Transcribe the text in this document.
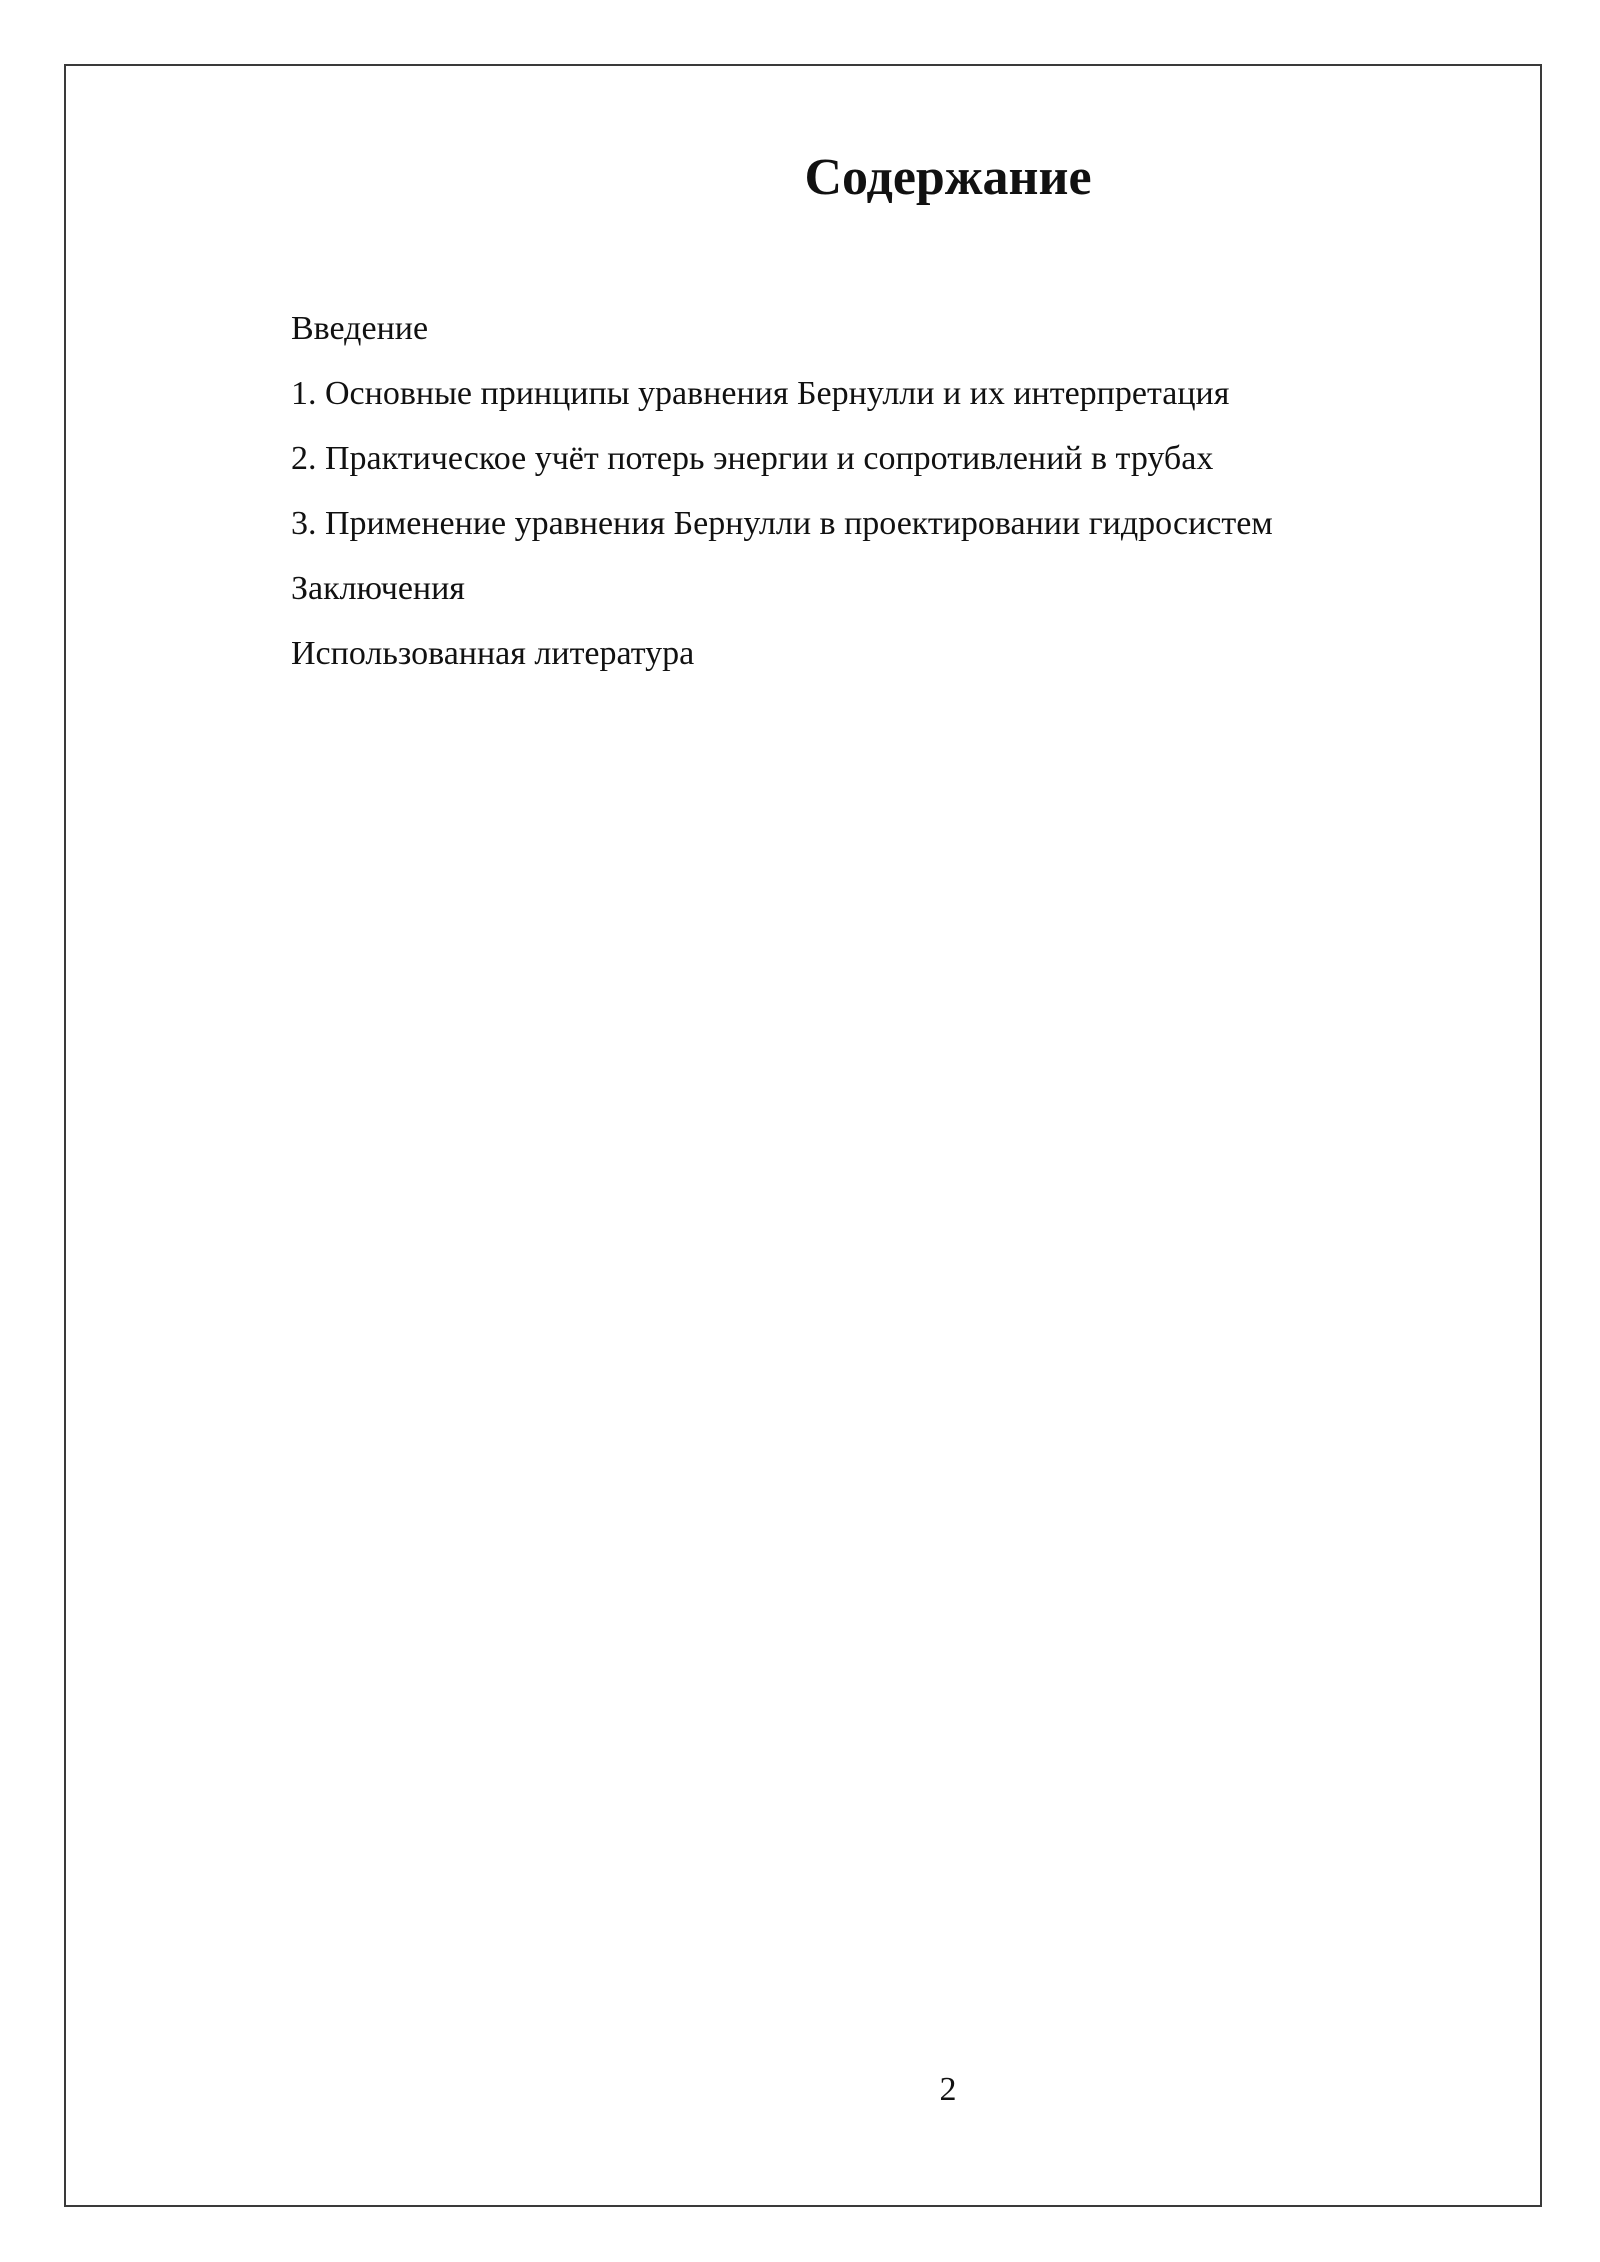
Содержание
Введение
1. Основные принципы уравнения Бернулли и их интерпретация
2. Практическое учёт потерь энергии и сопротивлений в трубах
3. Применение уравнения Бернулли в проектировании гидросистем
Заключения
Использованная литература
2
